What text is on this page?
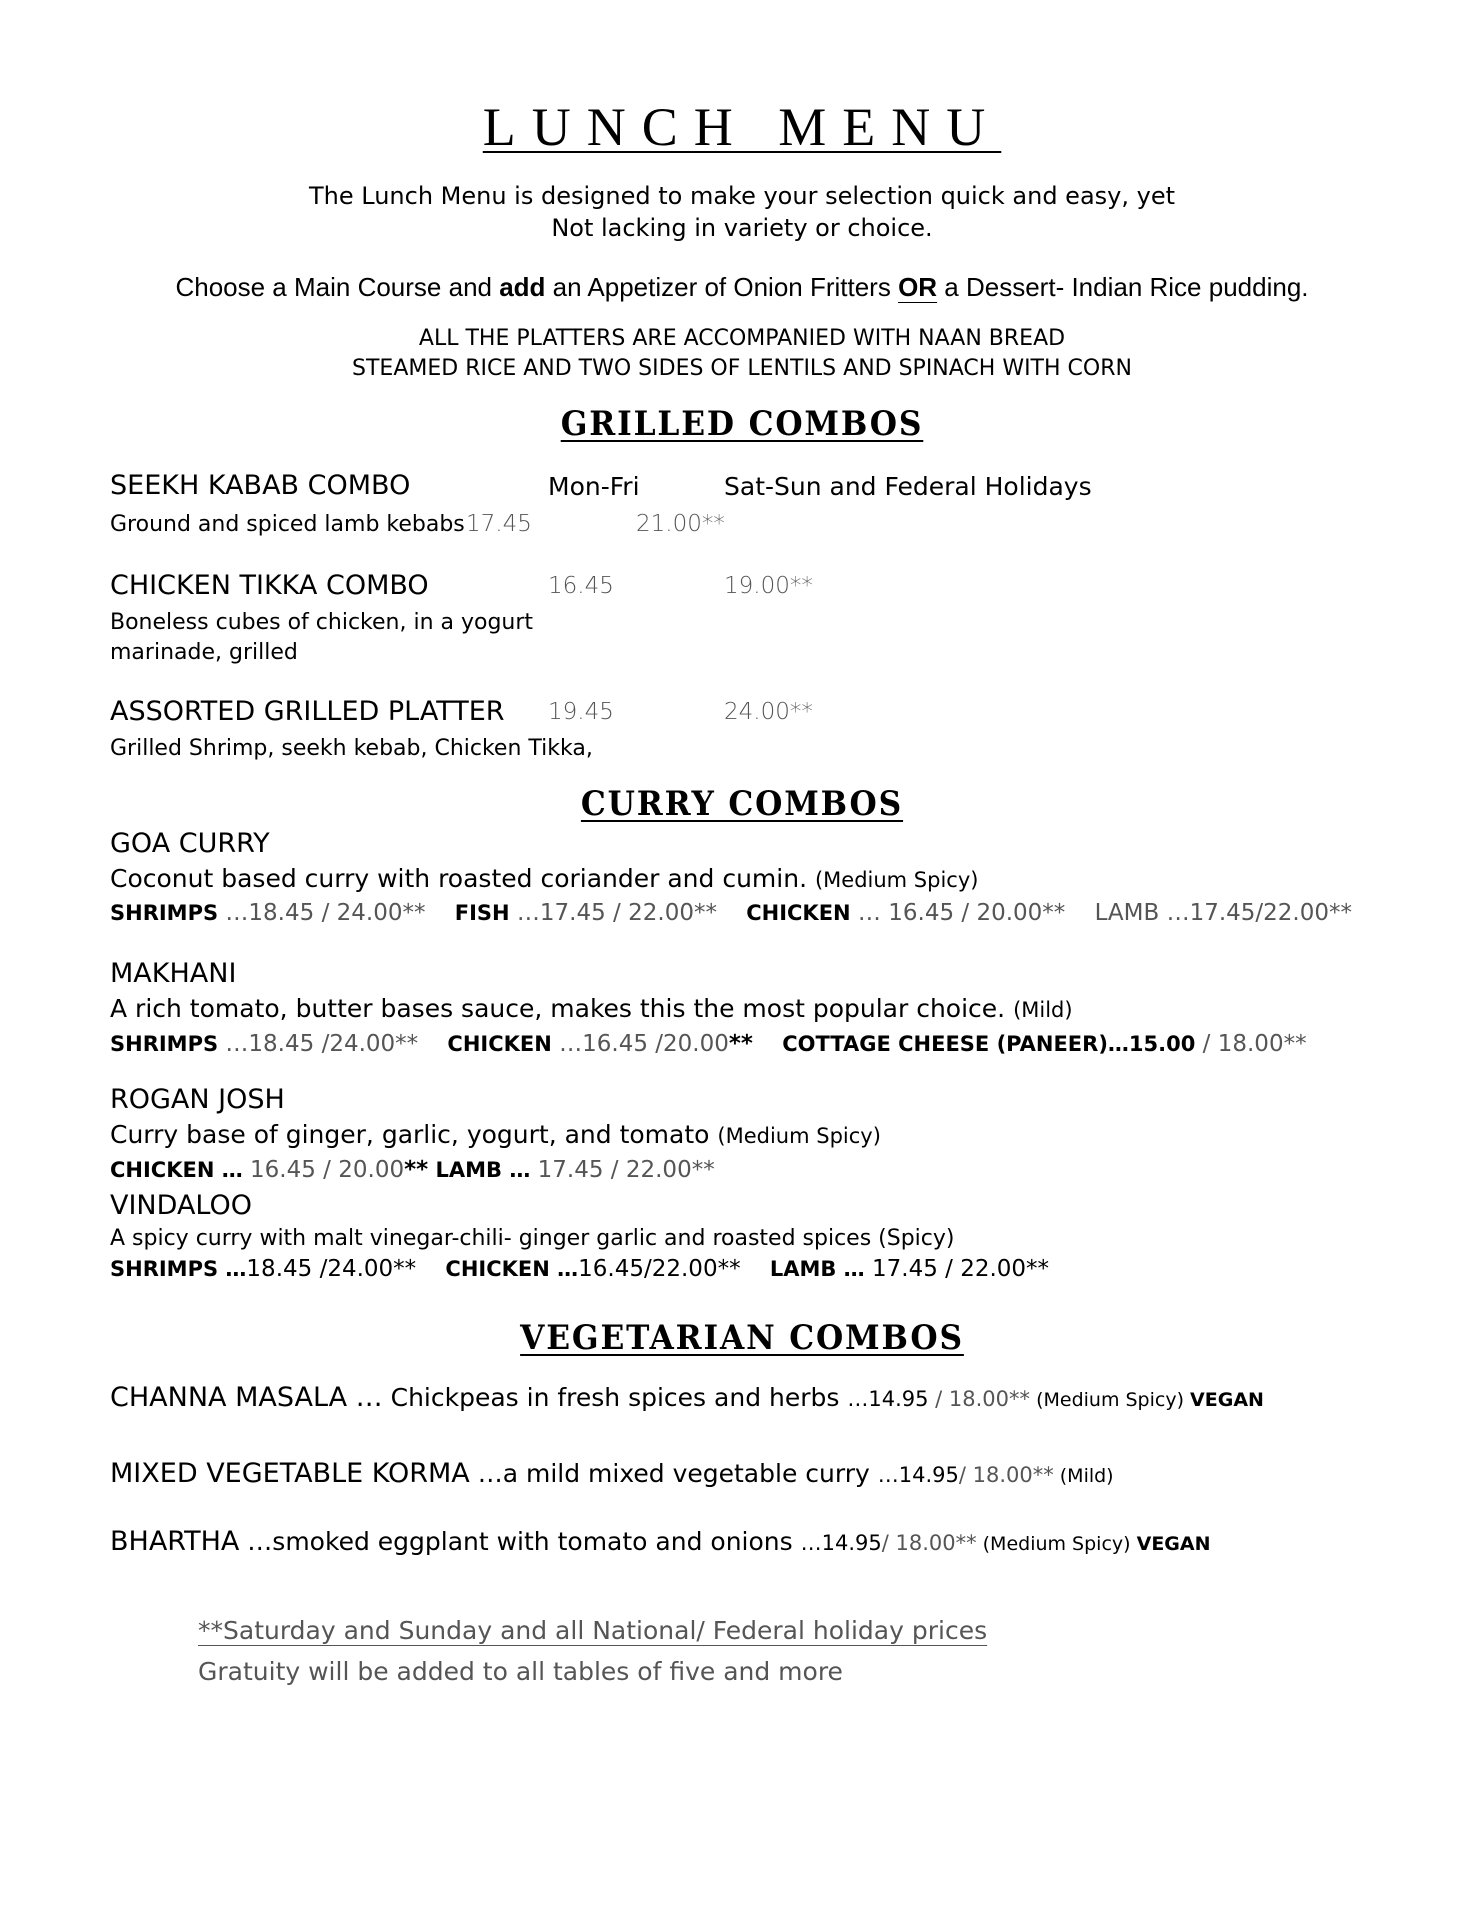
LUNCH MENU
The Lunch Menu is designed to make your selection quick and easy, yet
Not lacking in variety or choice.
Choose a Main Course and add an Appetizer of Onion Fritters OR a Dessert- Indian Rice pudding.
ALL THE PLATTERS ARE ACCOMPANIED WITH NAAN BREAD
STEAMED RICE AND TWO SIDES OF LENTILS AND SPINACH WITH CORN
GRILLED COMBOS
SEEKH KABAB COMBO	Mon-Fri	Sat-Sun and Federal Holidays
Ground and spiced lamb kebabs 17.45	21.00**
CHICKEN TIKKA COMBO	16.45	19.00**
Boneless cubes of chicken, in a yogurt
marinade, grilled
ASSORTED GRILLED PLATTER 19.45	24.00**
Grilled Shrimp, seekh kebab, Chicken Tikka,
CURRY COMBOS
GOA CURRY
Coconut based curry with roasted coriander and cumin. (Medium Spicy)
SHRIMPS …18.45 / 24.00** FISH …17.45 / 22.00** CHICKEN … 16.45 / 20.00** LAMB …17.45/22.00**
MAKHANI
A rich tomato, butter bases sauce, makes this the most popular choice. (Mild)
SHRIMPS …18.45 /24.00** CHICKEN …16.45 /20.00** COTTAGE CHEESE (PANEER)…15.00 / 18.00**
ROGAN JOSH
Curry base of ginger, garlic, yogurt, and tomato (Medium Spicy)
CHICKEN … 16.45 / 20.00** LAMB … 17.45 / 22.00**
VINDALOO
A spicy curry with malt vinegar-chili- ginger garlic and roasted spices (Spicy)
SHRIMPS …18.45 /24.00** CHICKEN …16.45/22.00** LAMB … 17.45 / 22.00**
VEGETARIAN COMBOS
CHANNA MASALA … Chickpeas in fresh spices and herbs …14.95 / 18.00** (Medium Spicy) VEGAN
MIXED VEGETABLE KORMA …a mild mixed vegetable curry …14.95/ 18.00** (Mild)
BHARTHA …smoked eggplant with tomato and onions …14.95/ 18.00** (Medium Spicy) VEGAN
**Saturday and Sunday and all National/ Federal holiday prices
Gratuity will be added to all tables of five and more
